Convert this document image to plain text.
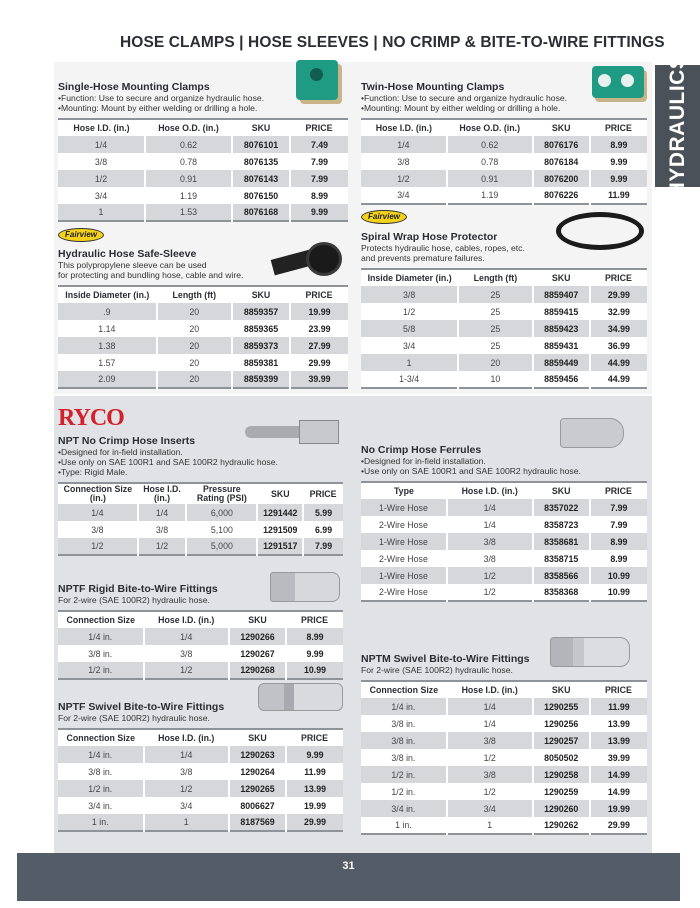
HOSE CLAMPS | HOSE SLEEVES | NO CRIMP & BITE-TO-WIRE FITTINGS
HYDRAULICS
Fairview
Fairview
RYCO
Single-Hose Mounting Clamps
•Function: Use to secure and organize hydraulic hose.
•Mounting: Mount by either welding or drilling a hole.
Hose I.D. (in.)	Hose O.D. (in.)	SKU	PRICE
1/4	0.62	8076101	7.49
3/8	0.78	8076135	7.99
1/2	0.91	8076143	7.99
3/4	1.19	8076150	8.99
1	1.53	8076168	9.99
Hydraulic Hose Safe-Sleeve
This polypropylene sleeve can be used
for protecting and bundling hose, cable and wire.
Inside Diameter (in.)	Length (ft)	SKU	PRICE
.9	20	8859357	19.99
1.14	20	8859365	23.99
1.38	20	8859373	27.99
1.57	20	8859381	29.99
2.09	20	8859399	39.99
Twin-Hose Mounting Clamps
•Function: Use to secure and organize hydraulic hose.
•Mounting: Mount by either welding or drilling a hole.
Hose I.D. (in.)	Hose O.D. (in.)	SKU	PRICE
1/4	0.62	8076176	8.99
3/8	0.78	8076184	9.99
1/2	0.91	8076200	9.99
3/4	1.19	8076226	11.99
Spiral Wrap Hose Protector
Protects hydraulic hose, cables, ropes, etc.
and prevents premature failures.
Inside Diameter (in.)	Length (ft)	SKU	PRICE
3/8	25	8859407	29.99
1/2	25	8859415	32.99
5/8	25	8859423	34.99
3/4	25	8859431	36.99
1	20	8859449	44.99
1-3/4	10	8859456	44.99
NPT No Crimp Hose Inserts
•Designed for in-field installation.
•Use only on SAE 100R1 and SAE 100R2 hydraulic hose.
•Type: Rigid Male.
Connection Size (in.)	Hose I.D. (in.)	Pressure Rating (PSI)	SKU	PRICE
1/4	1/4	6,000	1291442	5.99
3/8	3/8	5,100	1291509	6.99
1/2	1/2	5,000	1291517	7.99
NPTF Rigid Bite-to-Wire Fittings
For 2-wire (SAE 100R2) hydraulic hose.
Connection Size	Hose I.D. (in.)	SKU	PRICE
1/4 in.	1/4	1290266	8.99
3/8 in.	3/8	1290267	9.99
1/2 in.	1/2	1290268	10.99
NPTF Swivel Bite-to-Wire Fittings
For 2-wire (SAE 100R2) hydraulic hose.
Connection Size	Hose I.D. (in.)	SKU	PRICE
1/4 in.	1/4	1290263	9.99
3/8 in.	3/8	1290264	11.99
1/2 in.	1/2	1290265	13.99
3/4 in.	3/4	8006627	19.99
1 in.	1	8187569	29.99
No Crimp Hose Ferrules
•Designed for in-field installation.
•Use only on SAE 100R1 and SAE 100R2 hydraulic hose.
Type	Hose I.D. (in.)	SKU	PRICE
1-Wire Hose	1/4	8357022	7.99
2-Wire Hose	1/4	8358723	7.99
1-Wire Hose	3/8	8358681	8.99
2-Wire Hose	3/8	8358715	8.99
1-Wire Hose	1/2	8358566	10.99
2-Wire Hose	1/2	8358368	10.99
NPTM Swivel Bite-to-Wire Fittings
For 2-wire (SAE 100R2) hydraulic hose.
Connection Size	Hose I.D. (in.)	SKU	PRICE
1/4 in.	1/4	1290255	11.99
3/8 in.	1/4	1290256	13.99
3/8 in.	3/8	1290257	13.99
3/8 in.	1/2	8050502	39.99
1/2 in.	3/8	1290258	14.99
1/2 in.	1/2	1290259	14.99
3/4 in.	3/4	1290260	19.99
1 in.	1	1290262	29.99
31
